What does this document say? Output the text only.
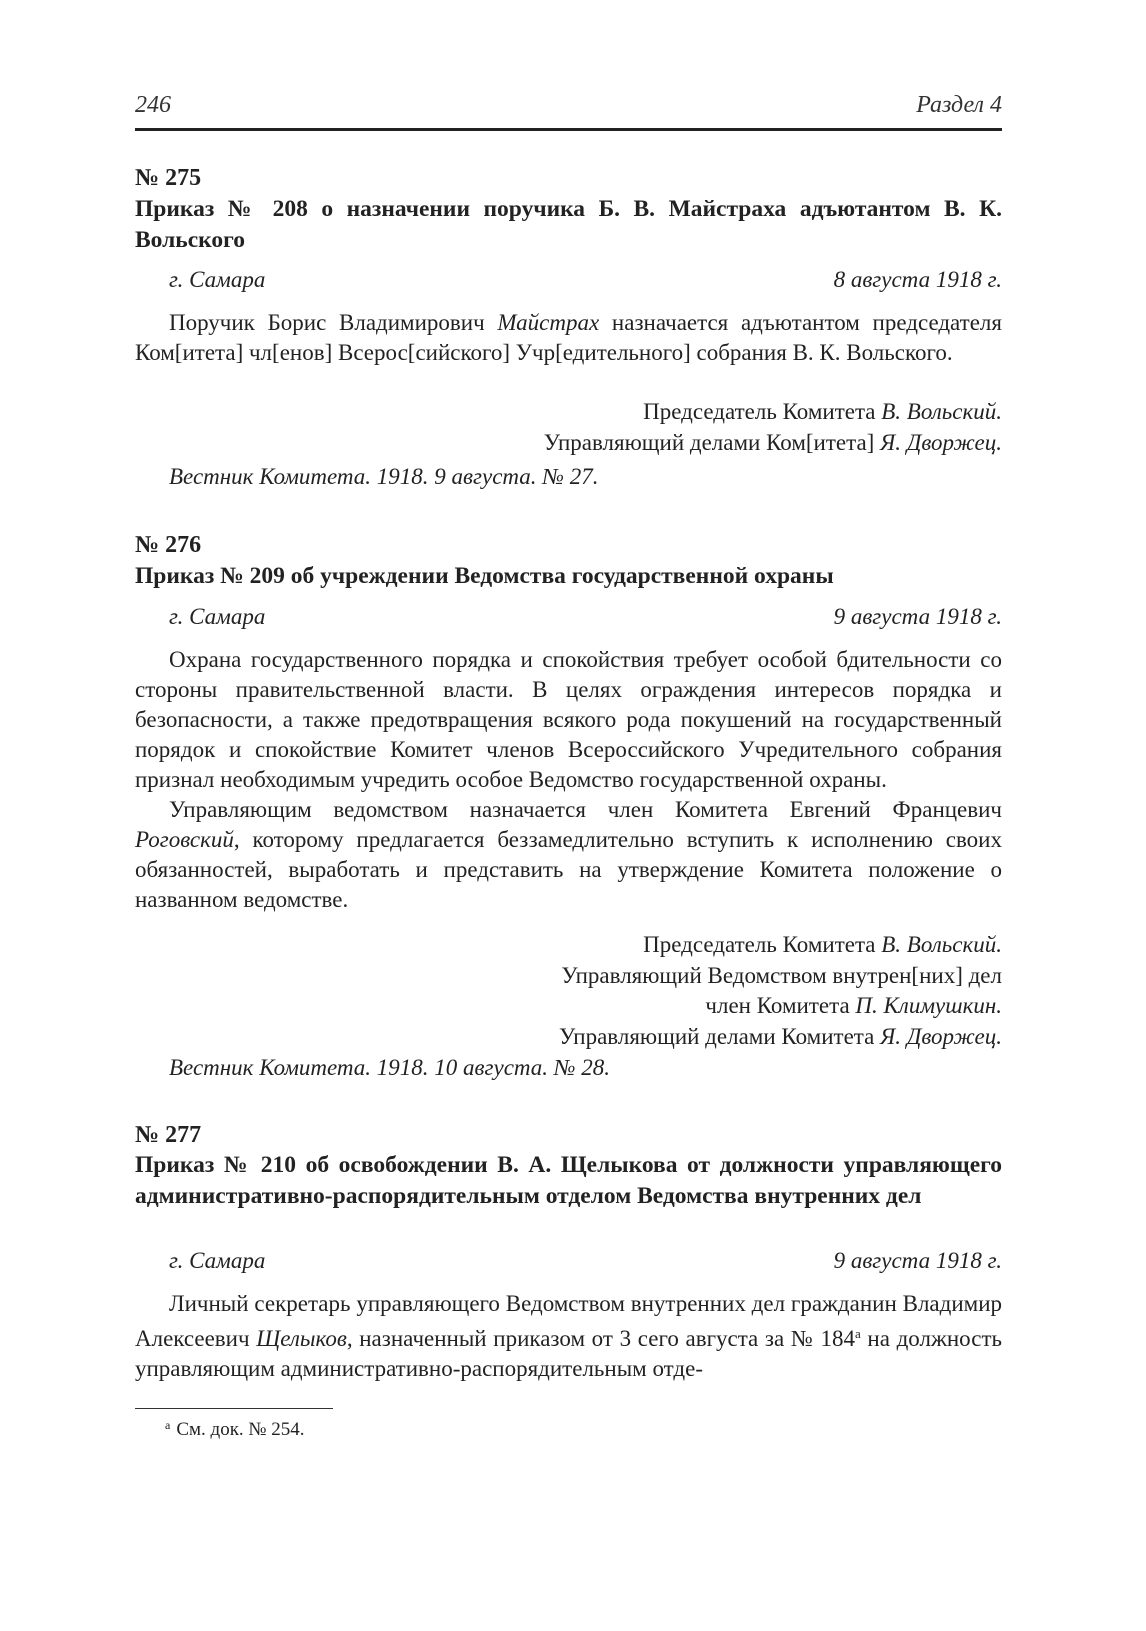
246	Раздел 4
№ 275
Приказ № 208 о назначении поручика Б. В. Майстраха адъютантом В. К. Вольского
г. Самара	8 августа 1918 г.

Поручик Борис Владимирович Майстрах назначается адъютантом председателя Ком[итета] чл[енов] Всерос[сийского] Учр[едительного] собрания В. К. Вольского.

Председатель Комитета В. Вольский.
Управляющий делами Ком[итета] Я. Дворжец.
Вестник Комитета. 1918. 9 августа. № 27.
№ 276
Приказ № 209 об учреждении Ведомства государственной охраны
г. Самара	9 августа 1918 г.

Охрана государственного порядка и спокойствия требует особой бдительности со стороны правительственной власти. В целях ограждения интересов порядка и безопасности, а также предотвращения всякого рода покушений на государственный порядок и спокойствие Комитет членов Всероссийского Учредительного собрания признал необходимым учредить особое Ведомство государственной охраны.

Управляющим ведомством назначается член Комитета Евгений Францевич Роговский, которому предлагается беззамедлительно вступить к исполнению своих обязанностей, выработать и представить на утверждение Комитета положение о названном ведомстве.

Председатель Комитета В. Вольский.
Управляющий Ведомством внутрен[них] дел
член Комитета П. Климушкин.
Управляющий делами Комитета Я. Дворжец.
Вестник Комитета. 1918. 10 августа. № 28.
№ 277
Приказ № 210 об освобождении В. А. Щелыкова от должности управляющего административно-распорядительным отделом Ведомства внутренних дел
г. Самара	9 августа 1918 г.

Личный секретарь управляющего Ведомством внутренних дел гражданин Владимир Алексеевич Щелыков, назначенный приказом от 3 сего августа за № 184$^а$ на должность управляющим административно-распорядительным отде-

$^а$ См. док. № 254.
